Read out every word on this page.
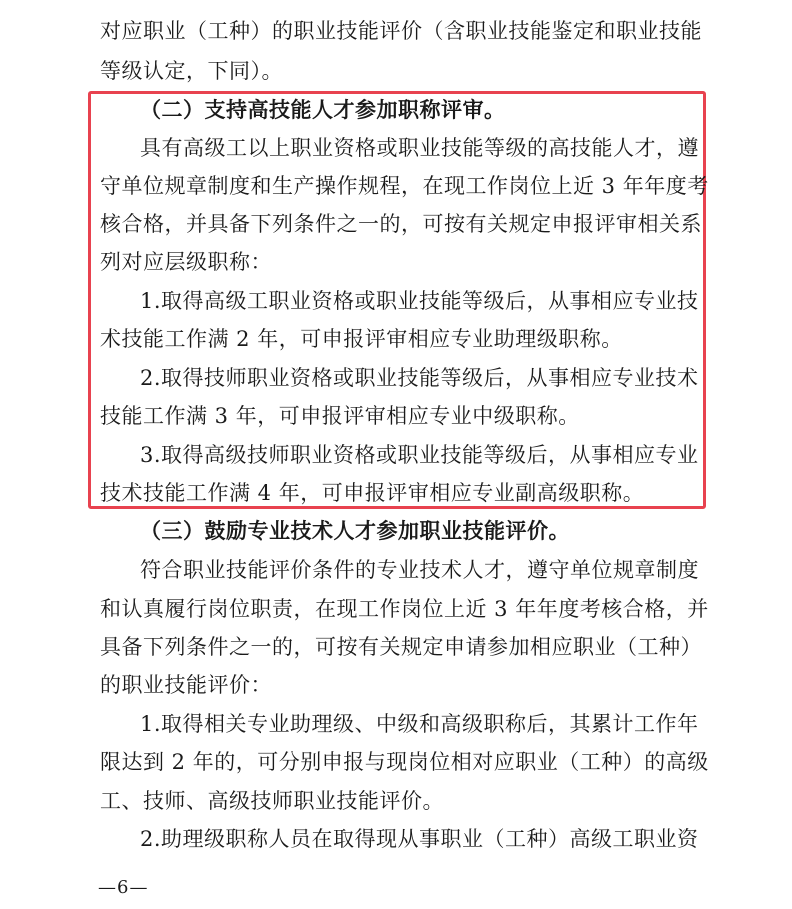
对应职业（工种）的职业技能评价（含职业技能鉴定和职业技能
等级认定，下同）。
（二）支持高技能人才参加职称评审。
具有高级工以上职业资格或职业技能等级的高技能人才，遵
守单位规章制度和生产操作规程，在现工作岗位上近 3 年年度考
核合格，并具备下列条件之一的，可按有关规定申报评审相关系
列对应层级职称：
1.取得高级工职业资格或职业技能等级后，从事相应专业技
术技能工作满 2 年，可申报评审相应专业助理级职称。
2.取得技师职业资格或职业技能等级后，从事相应专业技术
技能工作满 3 年，可申报评审相应专业中级职称。
3.取得高级技师职业资格或职业技能等级后，从事相应专业
技术技能工作满 4 年，可申报评审相应专业副高级职称。
（三）鼓励专业技术人才参加职业技能评价。
符合职业技能评价条件的专业技术人才，遵守单位规章制度
和认真履行岗位职责，在现工作岗位上近 3 年年度考核合格，并
具备下列条件之一的，可按有关规定申请参加相应职业（工种）
的职业技能评价：
1.取得相关专业助理级、中级和高级职称后，其累计工作年
限达到 2 年的，可分别申报与现岗位相对应职业（工种）的高级
工、技师、高级技师职业技能评价。
2.助理级职称人员在取得现从事职业（工种）高级工职业资
—6—
